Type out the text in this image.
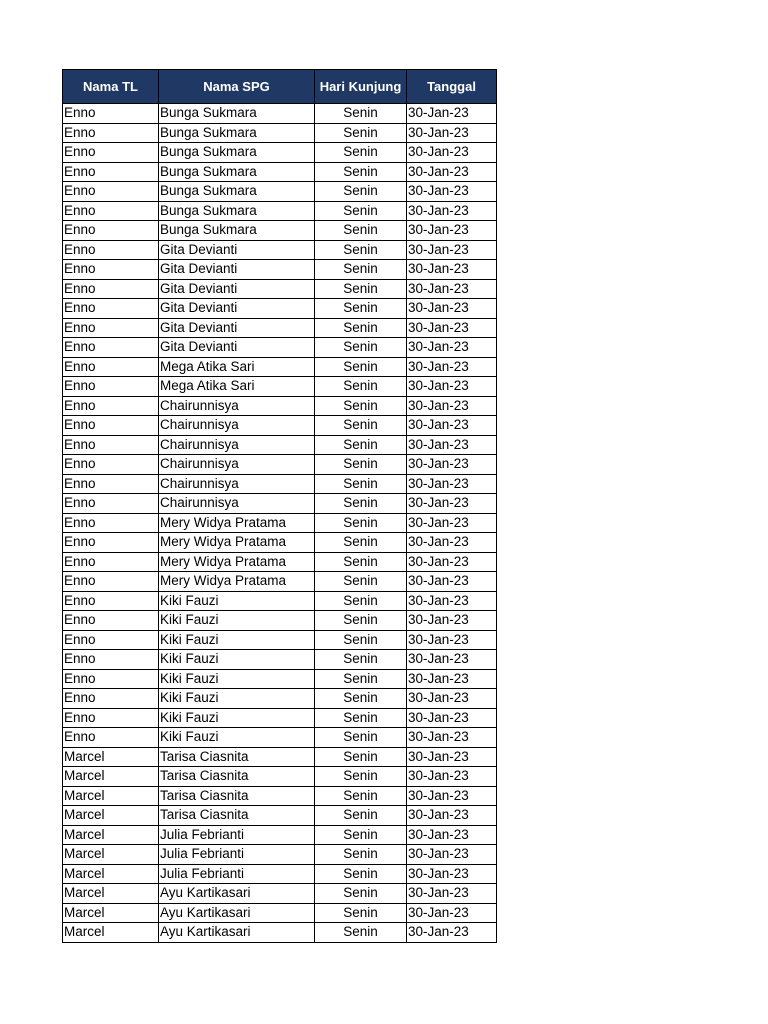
Nama TL	Nama SPG	Hari Kunjung	Tanggal
Enno	Bunga Sukmara	Senin	30-Jan-23
Enno	Bunga Sukmara	Senin	30-Jan-23
Enno	Bunga Sukmara	Senin	30-Jan-23
Enno	Bunga Sukmara	Senin	30-Jan-23
Enno	Bunga Sukmara	Senin	30-Jan-23
Enno	Bunga Sukmara	Senin	30-Jan-23
Enno	Bunga Sukmara	Senin	30-Jan-23
Enno	Gita Devianti	Senin	30-Jan-23
Enno	Gita Devianti	Senin	30-Jan-23
Enno	Gita Devianti	Senin	30-Jan-23
Enno	Gita Devianti	Senin	30-Jan-23
Enno	Gita Devianti	Senin	30-Jan-23
Enno	Gita Devianti	Senin	30-Jan-23
Enno	Mega Atika Sari	Senin	30-Jan-23
Enno	Mega Atika Sari	Senin	30-Jan-23
Enno	Chairunnisya	Senin	30-Jan-23
Enno	Chairunnisya	Senin	30-Jan-23
Enno	Chairunnisya	Senin	30-Jan-23
Enno	Chairunnisya	Senin	30-Jan-23
Enno	Chairunnisya	Senin	30-Jan-23
Enno	Chairunnisya	Senin	30-Jan-23
Enno	Mery Widya Pratama	Senin	30-Jan-23
Enno	Mery Widya Pratama	Senin	30-Jan-23
Enno	Mery Widya Pratama	Senin	30-Jan-23
Enno	Mery Widya Pratama	Senin	30-Jan-23
Enno	Kiki Fauzi	Senin	30-Jan-23
Enno	Kiki Fauzi	Senin	30-Jan-23
Enno	Kiki Fauzi	Senin	30-Jan-23
Enno	Kiki Fauzi	Senin	30-Jan-23
Enno	Kiki Fauzi	Senin	30-Jan-23
Enno	Kiki Fauzi	Senin	30-Jan-23
Enno	Kiki Fauzi	Senin	30-Jan-23
Enno	Kiki Fauzi	Senin	30-Jan-23
Marcel	Tarisa Ciasnita	Senin	30-Jan-23
Marcel	Tarisa Ciasnita	Senin	30-Jan-23
Marcel	Tarisa Ciasnita	Senin	30-Jan-23
Marcel	Tarisa Ciasnita	Senin	30-Jan-23
Marcel	Julia Febrianti	Senin	30-Jan-23
Marcel	Julia Febrianti	Senin	30-Jan-23
Marcel	Julia Febrianti	Senin	30-Jan-23
Marcel	Ayu Kartikasari	Senin	30-Jan-23
Marcel	Ayu Kartikasari	Senin	30-Jan-23
Marcel	Ayu Kartikasari	Senin	30-Jan-23
